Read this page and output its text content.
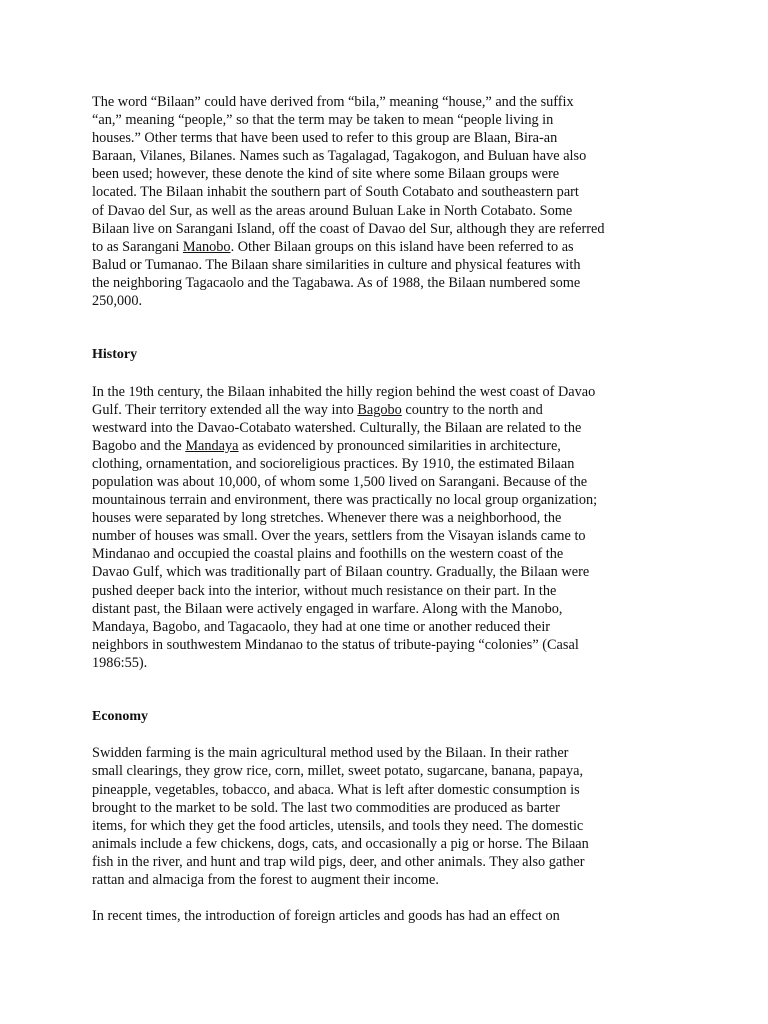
The word “Bilaan” could have derived from “bila,” meaning “house,” and the suffix
“an,” meaning “people,” so that the term may be taken to mean “people living in
houses.” Other terms that have been used to refer to this group are Blaan, Bira-an
Baraan, Vilanes, Bilanes. Names such as Tagalagad, Tagakogon, and Buluan have also
been used; however, these denote the kind of site where some Bilaan groups were
located. The Bilaan inhabit the southern part of South Cotabato and southeastern part
of Davao del Sur, as well as the areas around Buluan Lake in North Cotabato. Some
Bilaan live on Sarangani Island, off the coast of Davao del Sur, although they are referred
to as Sarangani Manobo. Other Bilaan groups on this island have been referred to as
Balud or Tumanao. The Bilaan share similarities in culture and physical features with
the neighboring Tagacaolo and the Tagabawa. As of 1988, the Bilaan numbered some
250,000.
History
In the 19th century, the Bilaan inhabited the hilly region behind the west coast of Davao
Gulf. Their territory extended all the way into Bagobo country to the north and
westward into the Davao-Cotabato watershed. Culturally, the Bilaan are related to the
Bagobo and the Mandaya as evidenced by pronounced similarities in architecture,
clothing, ornamentation, and socioreligious practices. By 1910, the estimated Bilaan
population was about 10,000, of whom some 1,500 lived on Sarangani. Because of the
mountainous terrain and environment, there was practically no local group organization;
houses were separated by long stretches. Whenever there was a neighborhood, the
number of houses was small. Over the years, settlers from the Visayan islands came to
Mindanao and occupied the coastal plains and foothills on the western coast of the
Davao Gulf, which was traditionally part of Bilaan country. Gradually, the Bilaan were
pushed deeper back into the interior, without much resistance on their part. In the
distant past, the Bilaan were actively engaged in warfare. Along with the Manobo,
Mandaya, Bagobo, and Tagacaolo, they had at one time or another reduced their
neighbors in southwestem Mindanao to the status of tribute-paying “colonies” (Casal
1986:55).
Economy
Swidden farming is the main agricultural method used by the Bilaan. In their rather
small clearings, they grow rice, corn, millet, sweet potato, sugarcane, banana, papaya,
pineapple, vegetables, tobacco, and abaca. What is left after domestic consumption is
brought to the market to be sold. The last two commodities are produced as barter
items, for which they get the food articles, utensils, and tools they need. The domestic
animals include a few chickens, dogs, cats, and occasionally a pig or horse. The Bilaan
fish in the river, and hunt and trap wild pigs, deer, and other animals. They also gather
rattan and almaciga from the forest to augment their income.
In recent times, the introduction of foreign articles and goods has had an effect on
